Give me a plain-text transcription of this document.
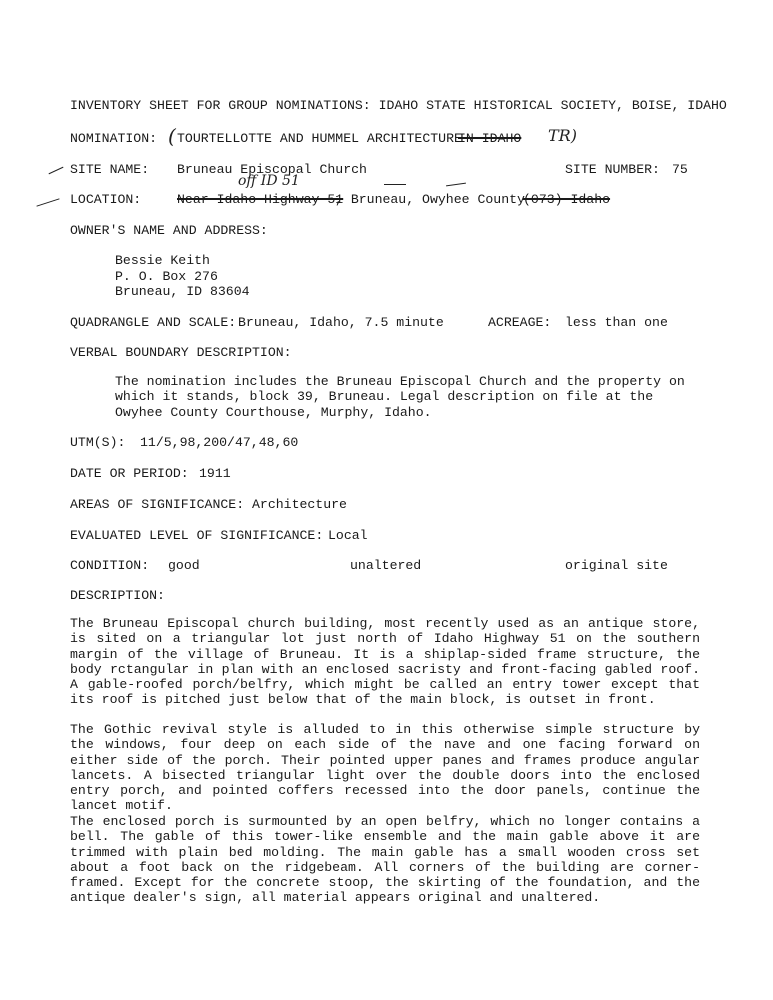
INVENTORY SHEET FOR GROUP NOMINATIONS: IDAHO STATE HISTORICAL SOCIETY, BOISE, IDAHO
NOMINATION: ( TOURTELLOTTE AND HUMMEL ARCHITECTURE
IN IDAHO TR)
SITE NAME: Bruneau Episcopal Church	SITE NUMBER: 75
off ID 51
LOCATION:	Near Idaho Highway 51
, Bruneau, Owyhee County
(073) Idaho
OWNER'S NAME AND ADDRESS:
Bessie Keith
P. O. Box 276
Bruneau, ID 83604
QUADRANGLE AND SCALE: Bruneau, Idaho, 7.5 minute	ACREAGE: less than one
VERBAL BOUNDARY DESCRIPTION:
The nomination includes the Bruneau Episcopal Church and the property on which it stands, block 39, Bruneau. Legal description on file at the Owyhee County Courthouse, Murphy, Idaho.
UTM(S): 11/5,98,200/47,48,60
DATE OR PERIOD: 1911
AREAS OF SIGNIFICANCE: Architecture
EVALUATED LEVEL OF SIGNIFICANCE: Local
CONDITION: good	unaltered	original site
DESCRIPTION:
The Bruneau Episcopal church building, most recently used as an antique store, is sited on a triangular lot just north of Idaho Highway 51 on the southern margin of the village of Bruneau. It is a shiplap-sided frame structure, the body rctangular in plan with an enclosed sacristy and front-facing gabled roof. A gable-roofed porch/belfry, which might be called an entry tower except that its roof is pitched just below that of the main block, is outset in front.
The Gothic revival style is alluded to in this otherwise simple structure by the windows, four deep on each side of the nave and one facing forward on either side of the porch. Their pointed upper panes and frames produce angular lancets. A bisected triangular light over the double doors into the enclosed entry porch, and pointed coffers recessed into the door panels, continue the lancet motif.
The enclosed porch is surmounted by an open belfry, which no longer contains a bell. The gable of this tower-like ensemble and the main gable above it are trimmed with plain bed molding. The main gable has a small wooden cross set about a foot back on the ridgebeam. All corners of the building are corner-framed. Except for the concrete stoop, the skirting of the foundation, and the antique dealer's sign, all material appears original and unaltered.
